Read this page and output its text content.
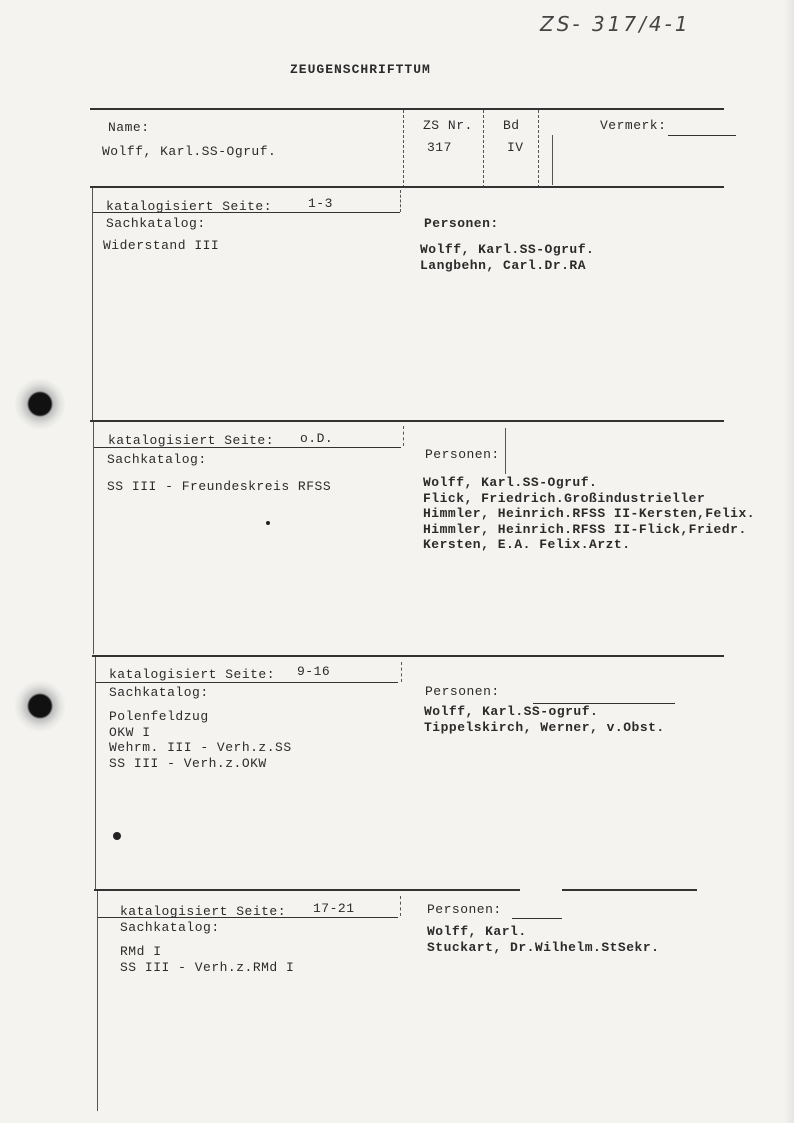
ZS- 317/4-1
ZEUGENSCHRIFTTUM
Name:
Wolff, Karl.SS-Ogruf.
ZS Nr.
317
Bd
IV
Vermerk:
katalogisiert Seite:	1-3
Sachkatalog:
Widerstand III
Personen:
Wolff, Karl.SS-Ogruf.
Langbehn, Carl.Dr.RA
katalogisiert Seite: o.D.
Sachkatalog:
SS III - Freundeskreis RFSS
Personen:
Wolff, Karl.SS-Ogruf.
Flick, Friedrich.Großindustrieller
Himmler, Heinrich.RFSS II-Kersten,Felix.
Himmler, Heinrich.RFSS II-Flick,Friedr.
Kersten, E.A. Felix.Arzt.
katalogisiert Seite: 9-16
Sachkatalog:
Polenfeldzug
OKW I
Wehrm. III - Verh.z.SS
SS III - Verh.z.OKW
Personen:
Wolff, Karl.SS-ogruf.
Tippelskirch, Werner, v.Obst.
katalogisiert Seite: 17-21
Sachkatalog:
RMd I
SS III - Verh.z.RMd I
Personen:
Wolff, Karl.
Stuckart, Dr.Wilhelm.StSekr.
